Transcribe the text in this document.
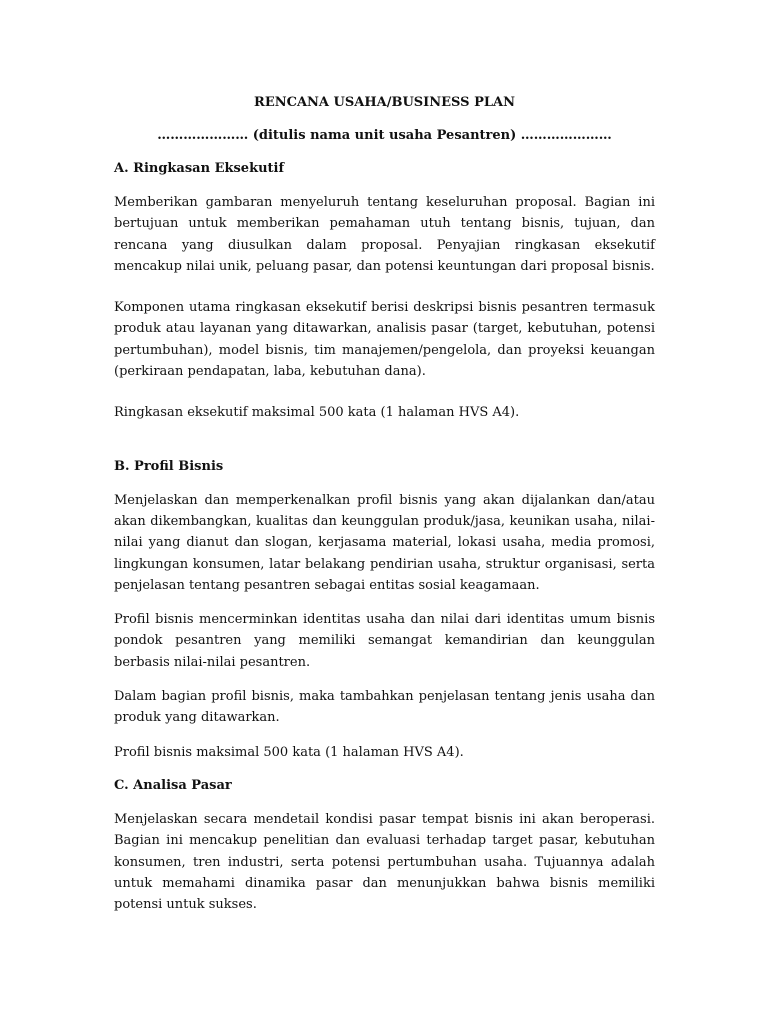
RENCANA USAHA/BUSINESS PLAN

………………… (ditulis nama unit usaha Pesantren) …………………

A. Ringkasan Eksekutif

Memberikan gambaran menyeluruh tentang keseluruhan proposal. Bagian ini bertujuan untuk memberikan pemahaman utuh tentang bisnis, tujuan, dan rencana yang diusulkan dalam proposal. Penyajian ringkasan eksekutif mencakup nilai unik, peluang pasar, dan potensi keuntungan dari proposal bisnis.

Komponen utama ringkasan eksekutif berisi deskripsi bisnis pesantren termasuk produk atau layanan yang ditawarkan, analisis pasar (target, kebutuhan, potensi pertumbuhan), model bisnis, tim manajemen/pengelola, dan proyeksi keuangan (perkiraan pendapatan, laba, kebutuhan dana).

Ringkasan eksekutif maksimal 500 kata (1 halaman HVS A4).

B. Profil Bisnis

Menjelaskan dan memperkenalkan profil bisnis yang akan dijalankan dan/atau akan dikembangkan, kualitas dan keunggulan produk/jasa, keunikan usaha, nilai-nilai yang dianut dan slogan, kerjasama material, lokasi usaha, media promosi, lingkungan konsumen, latar belakang pendirian usaha, struktur organisasi, serta penjelasan tentang pesantren sebagai entitas sosial keagamaan.

Profil bisnis mencerminkan identitas usaha dan nilai dari identitas umum bisnis pondok pesantren yang memiliki semangat kemandirian dan keunggulan berbasis nilai-nilai pesantren.

Dalam bagian profil bisnis, maka tambahkan penjelasan tentang jenis usaha dan produk yang ditawarkan.

Profil bisnis maksimal 500 kata (1 halaman HVS A4).

C. Analisa Pasar

Menjelaskan secara mendetail kondisi pasar tempat bisnis ini akan beroperasi. Bagian ini mencakup penelitian dan evaluasi terhadap target pasar, kebutuhan konsumen, tren industri, serta potensi pertumbuhan usaha. Tujuannya adalah untuk memahami dinamika pasar dan menunjukkan bahwa bisnis memiliki potensi untuk sukses.
